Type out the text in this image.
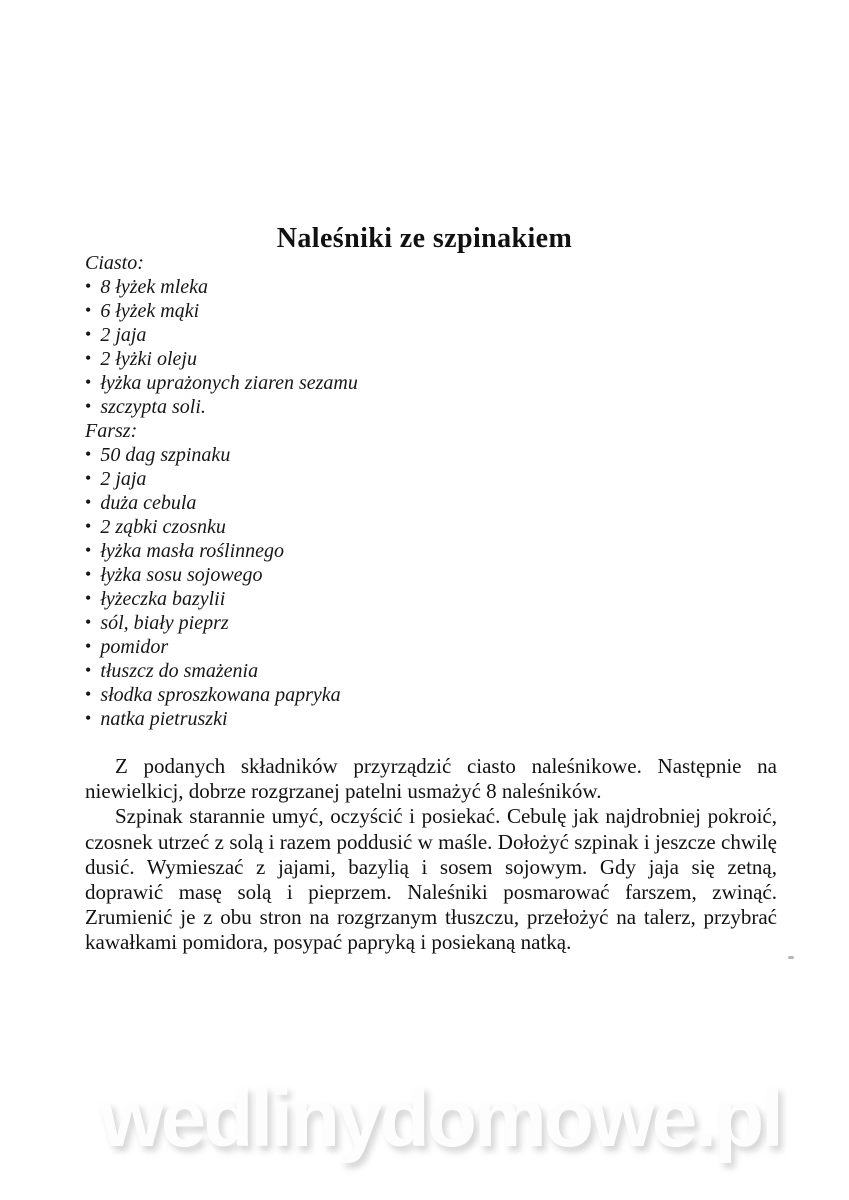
Naleśniki ze szpinakiem
Ciasto:
• 8 łyżek mleka
• 6 łyżek mąki
• 2 jaja
• 2 łyżki oleju
• łyżka uprażonych ziaren sezamu
• szczypta soli.
Farsz:
• 50 dag szpinaku
• 2 jaja
• duża cebula
• 2 ząbki czosnku
• łyżka masła roślinnego
• łyżka sosu sojowego
• łyżeczka bazylii
• sól, biały pieprz
• pomidor
• tłuszcz do smażenia
• słodka sproszkowana papryka
• natka pietruszki

Z podanych składników przyrządzić ciasto naleśnikowe. Następnie na niewielkicj, dobrze rozgrzanej patelni usmażyć 8 naleśników.

Szpinak starannie umyć, oczyścić i posiekać. Cebulę jak najdrobniej pokroić, czosnek utrzeć z solą i razem poddusić w maśle. Dołożyć szpinak i jeszcze chwilę dusić. Wymieszać z jajami, bazylią i sosem sojowym. Gdy jaja się zetną, doprawić masę solą i pieprzem. Naleśniki posmarować farszem, zwinąć. Zrumienić je z obu stron na rozgrzanym tłuszczu, przełożyć na talerz, przybrać kawałkami pomidora, posypać papryką i posiekaną natką.

wedlinydomowe.pl
